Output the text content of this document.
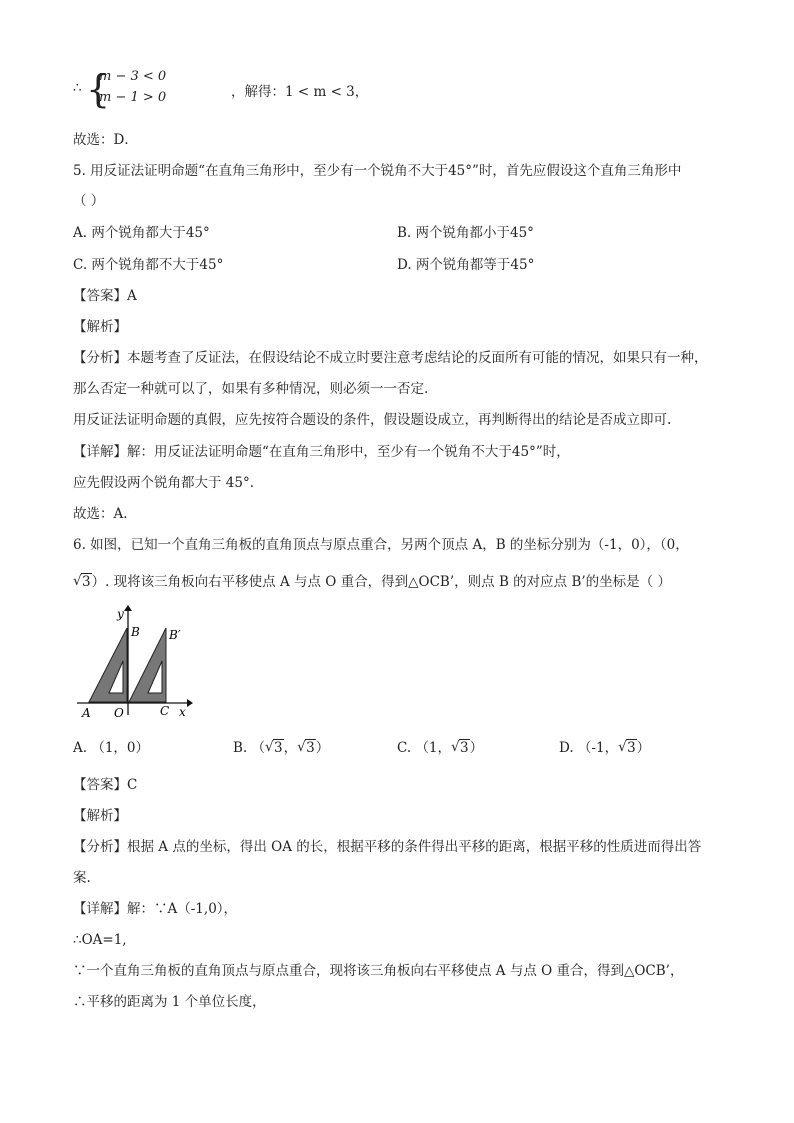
∴ {
m − 3 < 0
m − 1 > 0	，解得：1 < m < 3，
故选：D．
5. 用反证法证明命题“在直角三角形中，至少有一个锐角不大于45°”时，首先应假设这个直角三角形中
（ ）
A. 两个锐角都大于45°	B. 两个锐角都小于45°
C. 两个锐角都不大于45°	D. 两个锐角都等于45°
【答案】A
【解析】
【分析】本题考查了反证法，在假设结论不成立时要注意考虑结论的反面所有可能的情况，如果只有一种，
那么否定一种就可以了，如果有多种情况，则必须一一否定.
用反证法证明命题的真假，应先按符合题设的条件，假设题设成立，再判断得出的结论是否成立即可.
【详解】解：用反证法证明命题“在直角三角形中，至少有一个锐角不大于45°”时，
应先假设两个锐角都大于 45°.
故选：A.
6. 如图，已知一个直角三角板的直角顶点与原点重合，另两个顶点 A，B 的坐标分别为（-1，0），（0，
√ 3）. 现将该三角板向右平移使点 A 与点 O 重合，得到△OCB’，则点 B 的对应点 B’的坐标是（ ）
y
B B′
A O	C x
A. （1，0）	B. （ √ 3， √ 3）	C. （1， √ 3）	D. （-1， √ 3）
【答案】C
【解析】
【分析】根据 A 点的坐标，得出 OA 的长，根据平移的条件得出平移的距离，根据平移的性质进而得出答
案.
【详解】解：∵A（-1,0），
∴OA=1,
∵一个直角三角板的直角顶点与原点重合，现将该三角板向右平移使点 A 与点 O 重合，得到△OCB’，
∴平移的距离为 1 个单位长度，
